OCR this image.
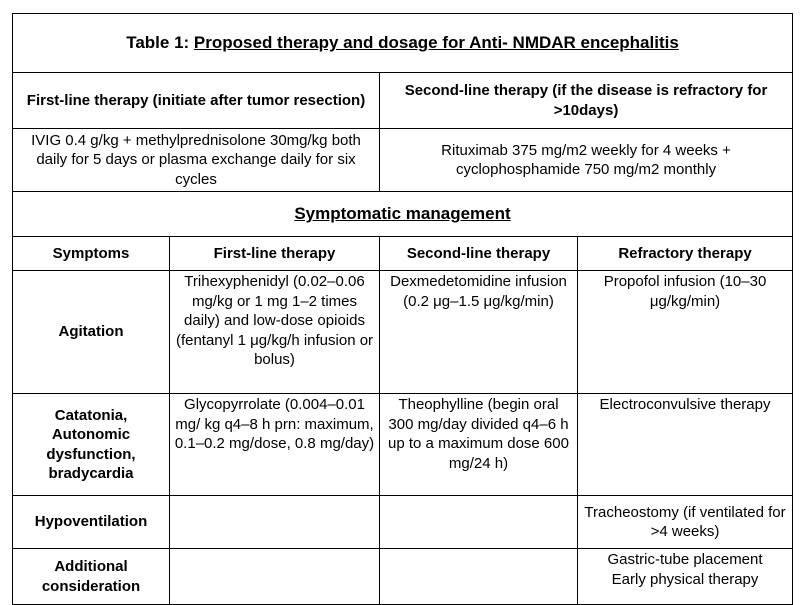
Table 1: Proposed therapy and dosage for Anti- NMDAR encephalitis			
First-line therapy (initiate after tumor resection)		Second-line therapy (if the disease is refractory for >10days)	
IVIG 0.4 g/kg + methylprednisolone 30mg/kg both daily for 5 days or plasma exchange daily for six cycles		Rituximab 375 mg/m2 weekly for 4 weeks + cyclophosphamide 750 mg/m2 monthly	
Symptomatic management			
Symptoms	First-line therapy	Second-line therapy	Refractory therapy
Agitation	Trihexyphenidyl (0.02–0.06 mg/kg or 1 mg 1–2 times daily) and low-dose opioids (fentanyl 1 μg/kg/h infusion or bolus)	Dexmedetomidine infusion (0.2 μg–1.5 μg/kg/min)	Propofol infusion (10–30 μg/kg/min)
Catatonia, Autonomic dysfunction, bradycardia	Glycopyrrolate (0.004–0.01 mg/ kg q4–8 h prn: maximum, 0.1–0.2 mg/dose, 0.8 mg/day)	Theophylline (begin oral 300 mg/day divided q4–6 h up to a maximum dose 600 mg/24 h)	Electroconvulsive therapy
Hypoventilation			Tracheostomy (if ventilated for >4 weeks)
Additional consideration			Gastric-tube placement
Early physical therapy
